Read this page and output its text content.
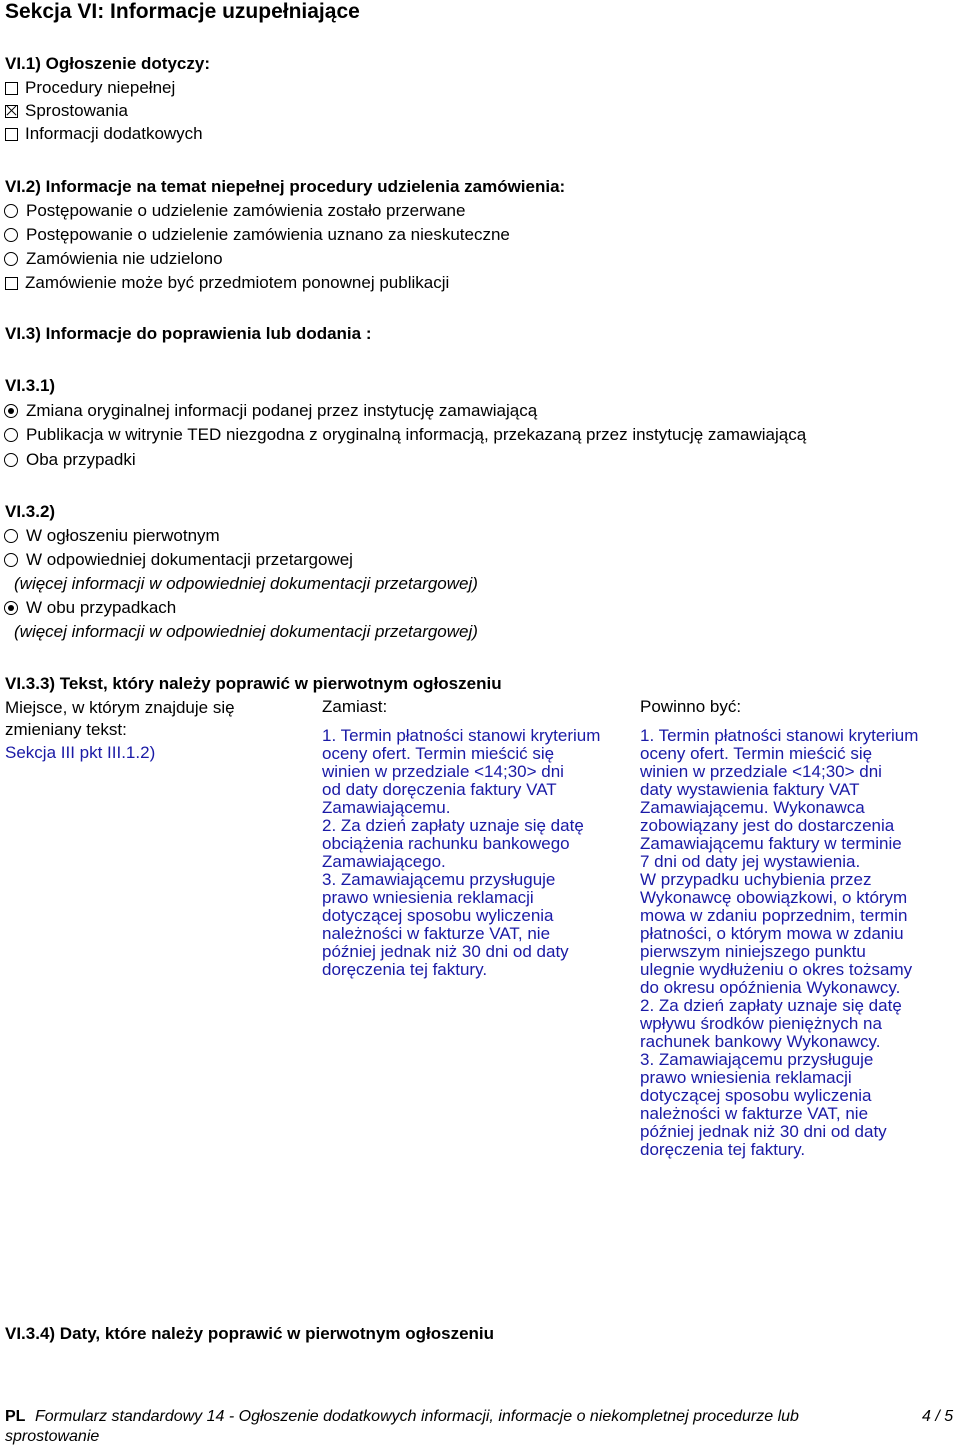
Sekcja VI: Informacje uzupełniające
VI.1) Ogłoszenie dotyczy:
Procedury niepełnej
Sprostowania
Informacji dodatkowych
VI.2) Informacje na temat niepełnej procedury udzielenia zamówienia:
Postępowanie o udzielenie zamówienia zostało przerwane
Postępowanie o udzielenie zamówienia uznano za nieskuteczne
Zamówienia nie udzielono
Zamówienie może być przedmiotem ponownej publikacji
VI.3) Informacje do poprawienia lub dodania :
VI.3.1)
Zmiana oryginalnej informacji podanej przez instytucję zamawiającą
Publikacja w witrynie TED niezgodna z oryginalną informacją, przekazaną przez instytucję zamawiającą
Oba przypadki
VI.3.2)
W ogłoszeniu pierwotnym
W odpowiedniej dokumentacji przetargowej
(więcej informacji w odpowiedniej dokumentacji przetargowej)
W obu przypadkach
(więcej informacji w odpowiedniej dokumentacji przetargowej)
VI.3.3) Tekst, który należy poprawić w pierwotnym ogłoszeniu
Miejsce, w którym znajduje się
zmieniany tekst:
Sekcja III pkt III.1.2)
Zamiast:
1. Termin płatności stanowi kryterium
oceny ofert. Termin mieścić się
winien w przedziale <14;30> dni
od daty doręczenia faktury VAT
Zamawiającemu.
2. Za dzień zapłaty uznaje się datę
obciążenia rachunku bankowego
Zamawiającego.
3. Zamawiającemu przysługuje
prawo wniesienia reklamacji
dotyczącej sposobu wyliczenia
należności w fakturze VAT, nie
później jednak niż 30 dni od daty
doręczenia tej faktury.
Powinno być:
1. Termin płatności stanowi kryterium
oceny ofert. Termin mieścić się
winien w przedziale <14;30> dni
daty wystawienia faktury VAT
Zamawiającemu. Wykonawca
zobowiązany jest do dostarczenia
Zamawiającemu faktury w terminie
7 dni od daty jej wystawienia.
W przypadku uchybienia przez
Wykonawcę obowiązkowi, o którym
mowa w zdaniu poprzednim, termin
płatności, o którym mowa w zdaniu
pierwszym niniejszego punktu
ulegnie wydłużeniu o okres tożsamy
do okresu opóźnienia Wykonawcy.
2. Za dzień zapłaty uznaje się datę
wpływu środków pieniężnych na
rachunek bankowy Wykonawcy.
3. Zamawiającemu przysługuje
prawo wniesienia reklamacji
dotyczącej sposobu wyliczenia
należności w fakturze VAT, nie
później jednak niż 30 dni od daty
doręczenia tej faktury.
VI.3.4) Daty, które należy poprawić w pierwotnym ogłoszeniu
PL Formularz standardowy 14 - Ogłoszenie dodatkowych informacji, informacje o niekompletnej procedurze lub
sprostowanie
4 / 5
